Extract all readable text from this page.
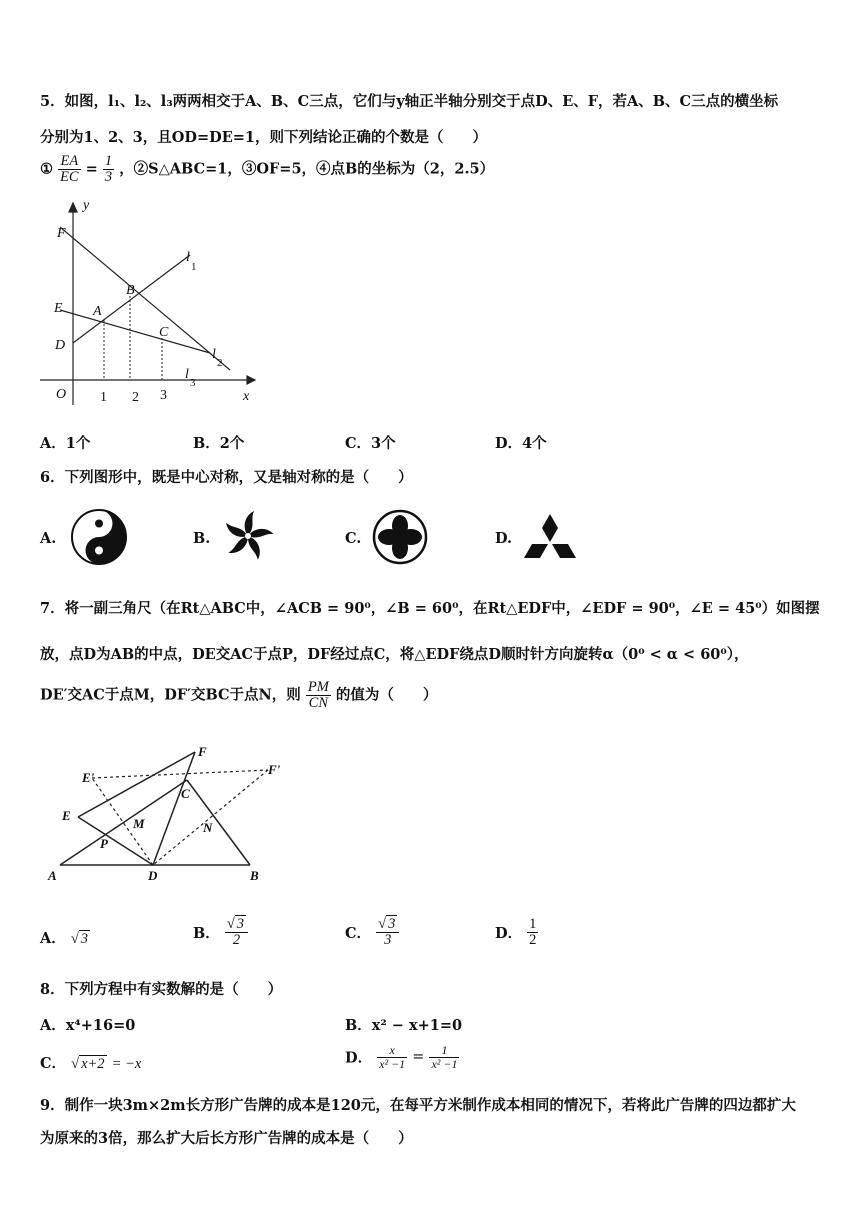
5．如图，l₁、l₂、l₃两两相交于A、B、C三点，它们与y轴正半轴分别交于点D、E、F，若A、B、C三点的横坐标
分别为1、2、3，且OD=DE=1，则下列结论正确的个数是（　　）
① $\frac{EA}{EC} = \frac{1}{3}$ ，②S△ABC=1，③OF=5，④点B的坐标为（2，2.5）
y
x
O
D
E
F
A
B
C
l
1
l
2
l
3
1 2 3
A．1个	B．2个	C．3个	D．4个
6．下列图形中，既是中心对称，又是轴对称的是（　　）
A.	B.	C.	D.
7．将一副三角尺（在Rt△ABC中，∠ACB = 90⁰，∠B = 60⁰，在Rt△EDF中，∠EDF = 90⁰，∠E = 45⁰）如图摆
放，点D为AB的中点，DE交AC于点P，DF经过点C，将△EDF绕点D顺时针方向旋转α（0⁰ < α < 60⁰），
DE′交AC于点M，DF′交BC于点N，则 $\frac{PM}{CN}$ 的值为（　　）
E'
F
F'
E
C
M	N
P
A	D	B
A． √ 3	B． $\frac{√ 3}{2}$	C． $\frac{√ 3}{3}$	D． $\frac{1}{2}$
8．下列方程中有实数解的是（　　）
A．x⁴+16=0	B．x² − x+1=0
C． √ x+2 = −x	D． $\frac{x}{\text{x² −1}} = \frac{1}{\text{x² −1}}$
9．制作一块3m×2m长方形广告牌的成本是120元，在每平方米制作成本相同的情况下，若将此广告牌的四边都扩大
为原来的3倍，那么扩大后长方形广告牌的成本是（　　）
